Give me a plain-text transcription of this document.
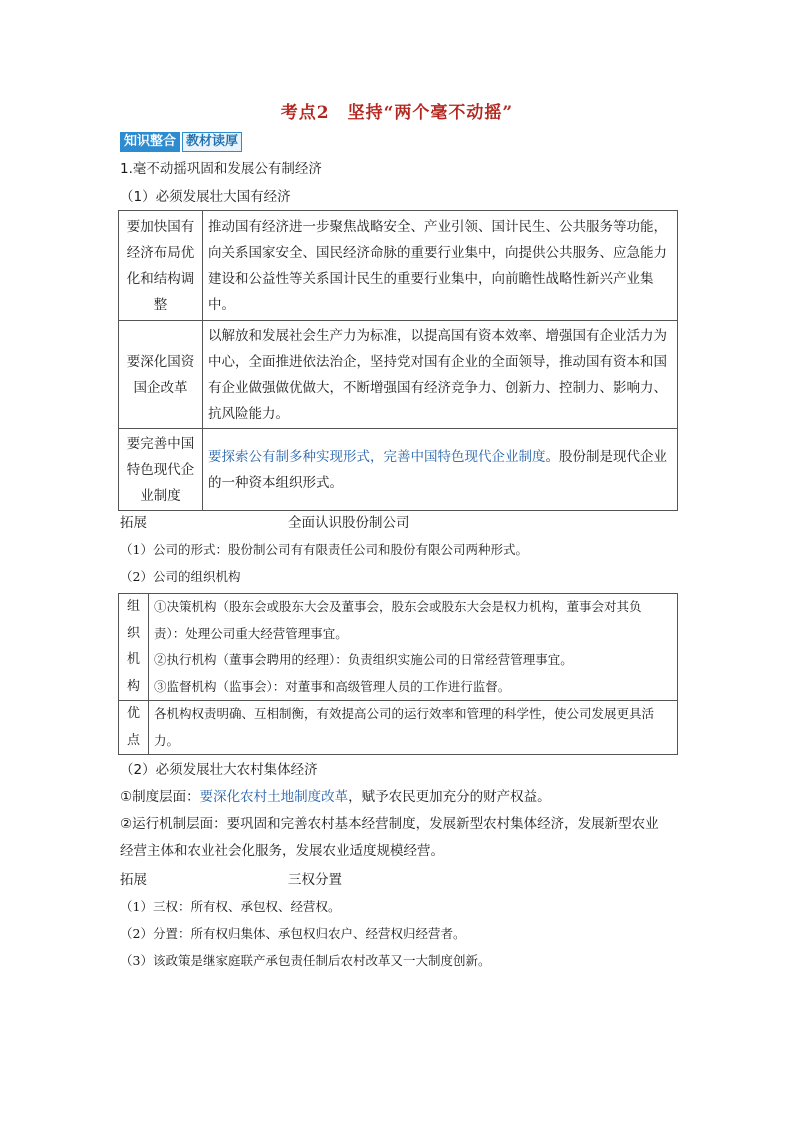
考点2　坚持“两个毫不动摇”
知识整合 教材读厚
1.毫不动摇巩固和发展公有制经济
（1）必须发展壮大国有经济
要加快国有经济布局优化和结构调整	推动国有经济进一步聚焦战略安全、产业引领、国计民生、公共服务等功能，向关系国家安全、国民经济命脉的重要行业集中，向提供公共服务、应急能力建设和公益性等关系国计民生的重要行业集中，向前瞻性战略性新兴产业集中。
要深化国资国企改革	以解放和发展社会生产力为标准，以提高国有资本效率、增强国有企业活力为中心，全面推进依法治企，坚持党对国有企业的全面领导，推动国有资本和国有企业做强做优做大，不断增强国有经济竞争力、创新力、控制力、影响力、抗风险能力。
要完善中国特色现代企业制度	要探索公有制多种实现形式，完善中国特色现代企业制度。股份制是现代企业的一种资本组织形式。
拓展	全面认识股份制公司
（1）公司的形式：股份制公司有有限责任公司和股份有限公司两种形式。
（2）公司的组织机构
组织机构	①决策机构（股东会或股东大会及董事会，股东会或股东大会是权力机构，董事会对其负责）：处理公司重大经营管理事宜。
②执行机构（董事会聘用的经理）：负责组织实施公司的日常经营管理事宜。
③监督机构（监事会）：对董事和高级管理人员的工作进行监督。

优点	各机构权责明确、互相制衡，有效提高公司的运行效率和管理的科学性，使公司发展更具活力。
（2）必须发展壮大农村集体经济
①制度层面：要深化农村土地制度改革，赋予农民更加充分的财产权益。
②运行机制层面：要巩固和完善农村基本经营制度，发展新型农村集体经济，发展新型农业
经营主体和农业社会化服务，发展农业适度规模经营。
拓展	三权分置
（1）三权：所有权、承包权、经营权。
（2）分置：所有权归集体、承包权归农户、经营权归经营者。
（3）该政策是继家庭联产承包责任制后农村改革又一大制度创新。
